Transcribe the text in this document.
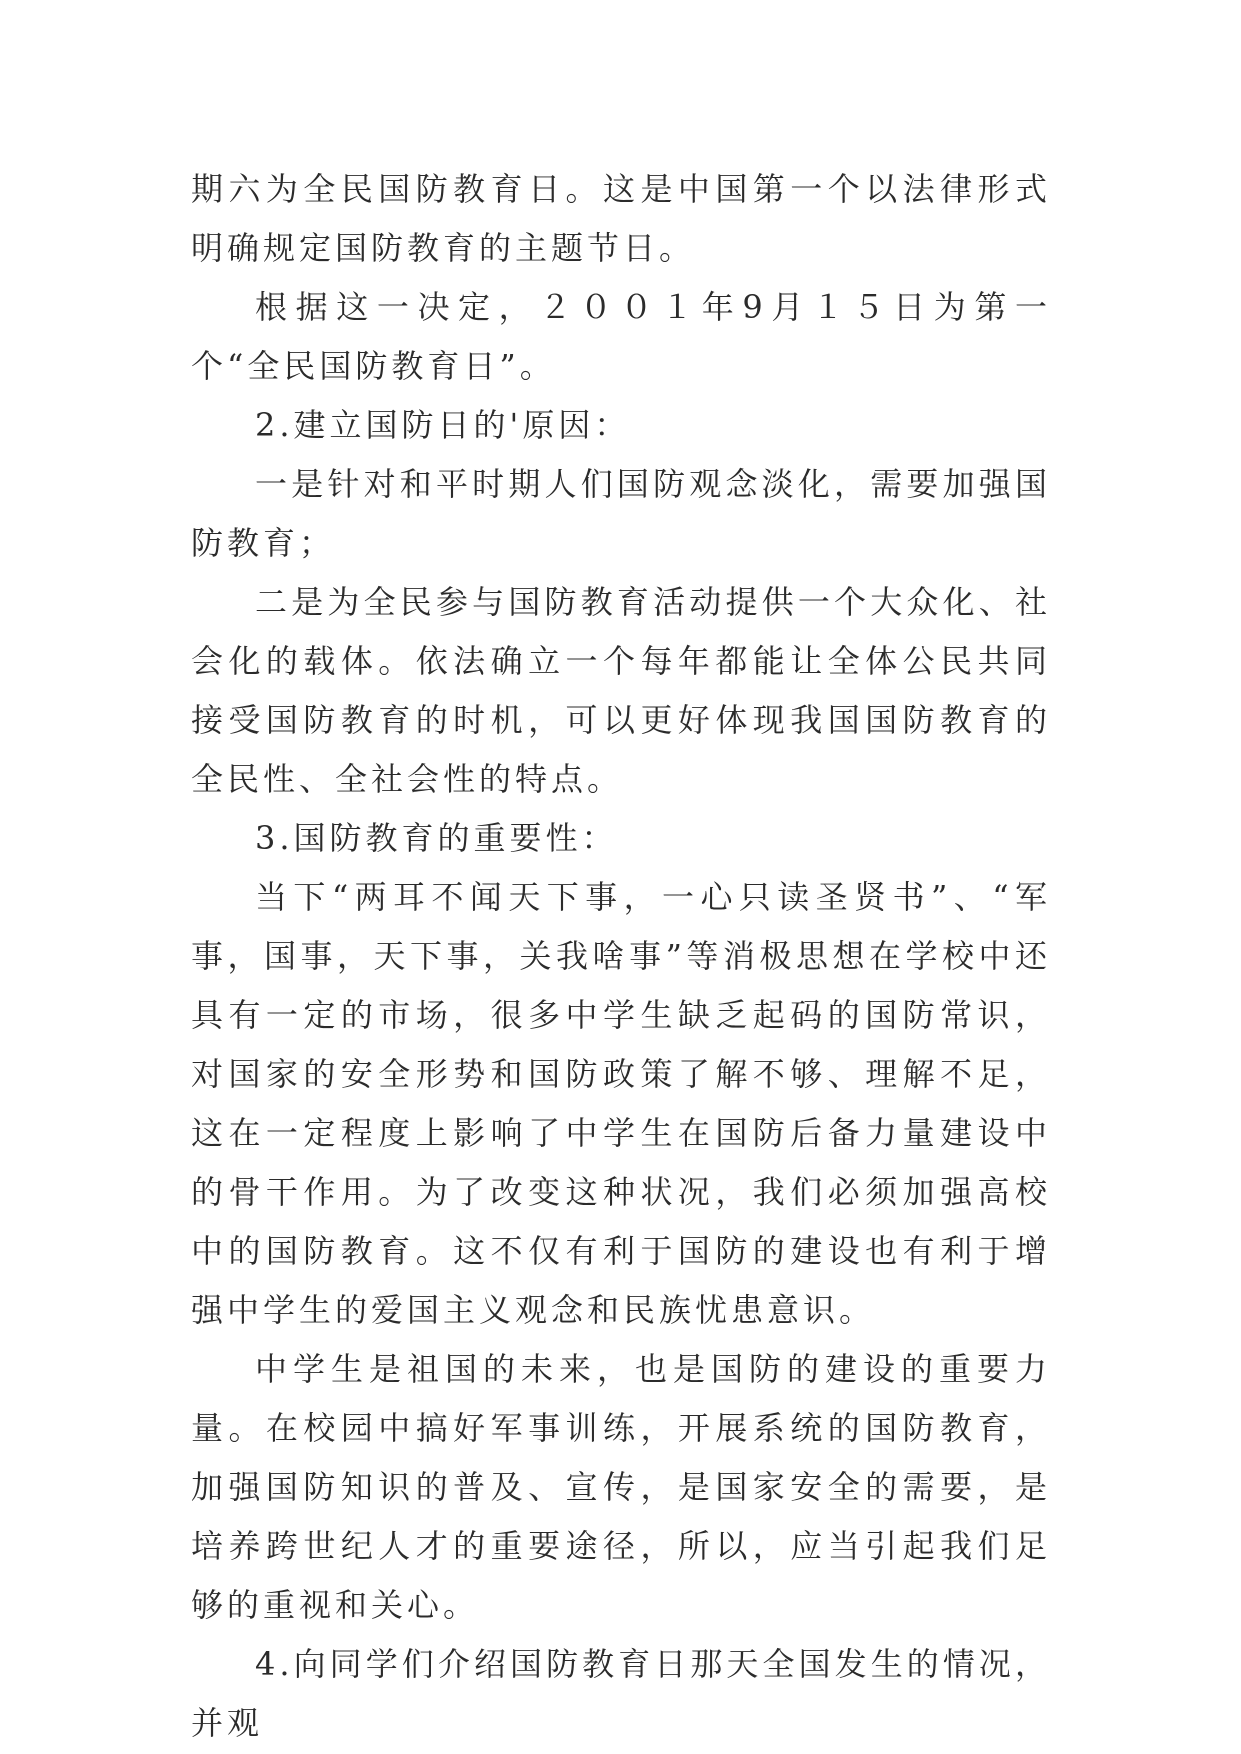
期六为全民国防教育日。这是中国第一个以法律形式明确规定国防教育的主题节日。

根据这一决定，２００１年9月１５日为第一个“全民国防教育日”。

2.建立国防日的'原因：

一是针对和平时期人们国防观念淡化，需要加强国防教育；

二是为全民参与国防教育活动提供一个大众化、社会化的载体。依法确立一个每年都能让全体公民共同接受国防教育的时机，可以更好体现我国国防教育的全民性、全社会性的特点。

3.国防教育的重要性：

当下“两耳不闻天下事，一心只读圣贤书”、“军事，国事，天下事，关我啥事”等消极思想在学校中还具有一定的市场，很多中学生缺乏起码的国防常识，对国家的安全形势和国防政策了解不够、理解不足，这在一定程度上影响了中学生在国防后备力量建设中的骨干作用。为了改变这种状况，我们必须加强高校中的国防教育。这不仅有利于国防的建设也有利于增强中学生的爱国主义观念和民族忧患意识。

中学生是祖国的未来，也是国防的建设的重要力量。在校园中搞好军事训练，开展系统的国防教育，加强国防知识的普及、宣传，是国家安全的需要，是培养跨世纪人才的重要途径，所以，应当引起我们足够的重视和关心。

4.向同学们介绍国防教育日那天全国发生的情况，并观
